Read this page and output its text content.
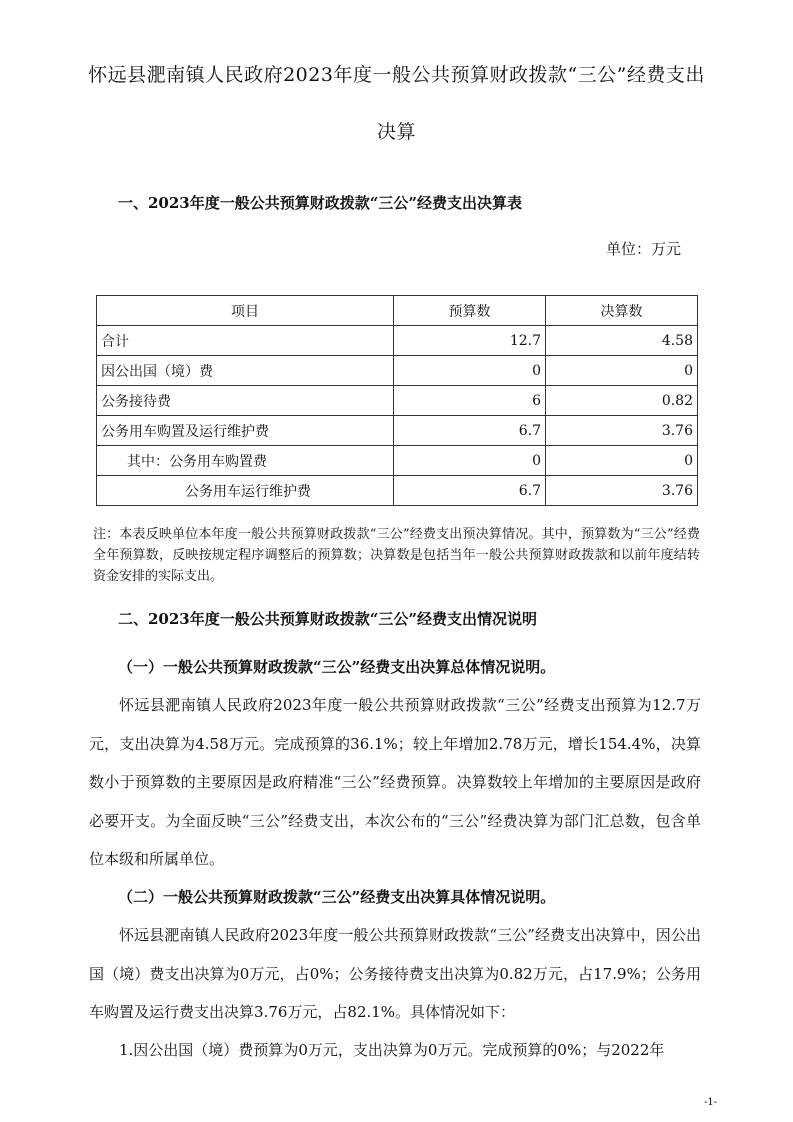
怀远县淝南镇人民政府2023年度一般公共预算财政拨款“三公”经费支出
决算
一、2023年度一般公共预算财政拨款“三公”经费支出决算表
单位：万元
项目	预算数	决算数
合计	12.7	4.58
因公出国（境）费	0	0
公务接待费	6	0.82
公务用车购置及运行维护费	6.7	3.76
其中：公务用车购置费	0	0
公务用车运行维护费	6.7	3.76

注：本表反映单位本年度一般公共预算财政拨款“三公”经费支出预决算情况。其中，预算数为“三公”经费全年预算数，反映按规定程序调整后的预算数；决算数是包括当年一般公共预算财政拨款和以前年度结转资金安排的实际支出。

二、2023年度一般公共预算财政拨款“三公”经费支出情况说明
（一）一般公共预算财政拨款“三公”经费支出决算总体情况说明。

怀远县淝南镇人民政府2023年度一般公共预算财政拨款“三公”经费支出预算为12.7万元，支出决算为4.58万元。完成预算的36.1%；较上年增加2.78万元，增长154.4%，决算数小于预算数的主要原因是政府精准“三公”经费预算。决算数较上年增加的主要原因是政府必要开支。为全面反映“三公”经费支出，本次公布的“三公”经费决算为部门汇总数，包含单位本级和所属单位。

（二）一般公共预算财政拨款“三公”经费支出决算具体情况说明。

怀远县淝南镇人民政府2023年度一般公共预算财政拨款“三公”经费支出决算中，因公出国（境）费支出决算为0万元，占0%；公务接待费支出决算为0.82万元，占17.9%；公务用车购置及运行费支出决算3.76万元，占82.1%。具体情况如下：

1.因公出国（境）费预算为0万元，支出决算为0万元。完成预算的0%；与2022年

-1-
